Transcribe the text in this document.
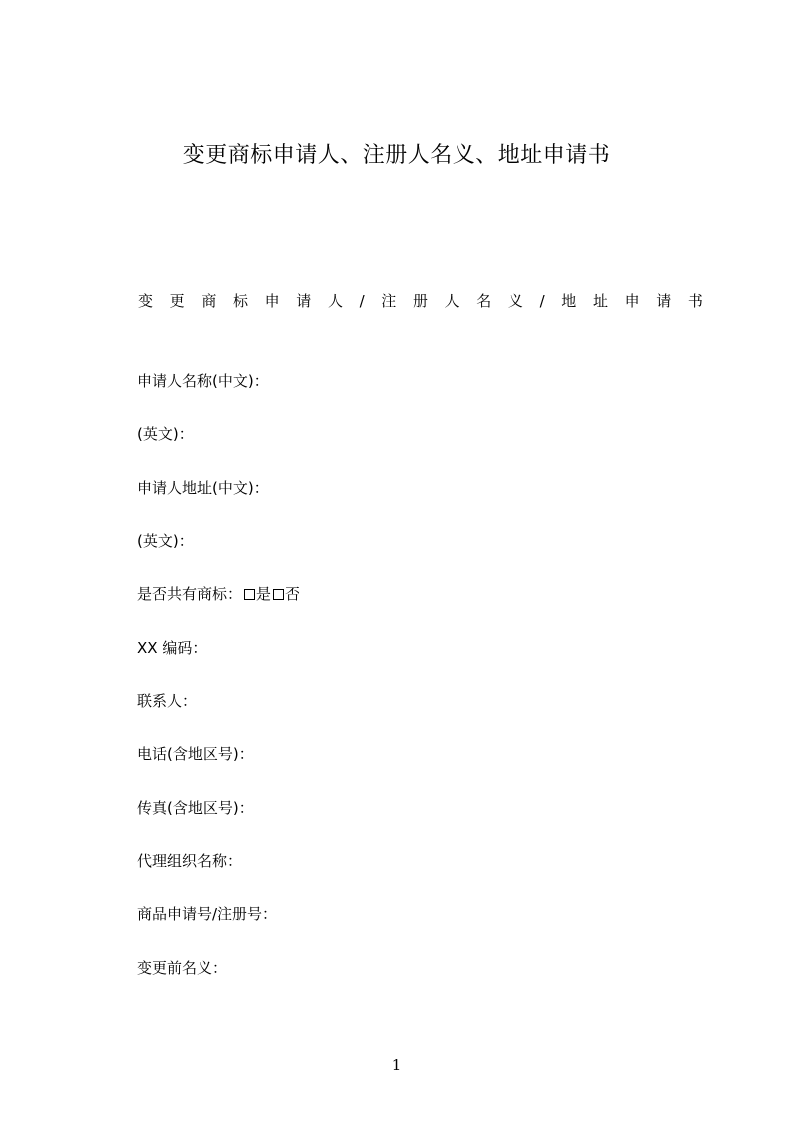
变更商标申请人、注册人名义、地址申请书
变 更 商 标 申 请 人 / 注 册 人 名 义 / 地 址 申 请 书
申请人名称(中文)：
(英文)：
申请人地址(中文)：
(英文)：
是否共有商标： 是 否
XX 编码：
联系人：
电话(含地区号)：
传真(含地区号)：
代理组织名称：
商品申请号/注册号：
变更前名义：
1
